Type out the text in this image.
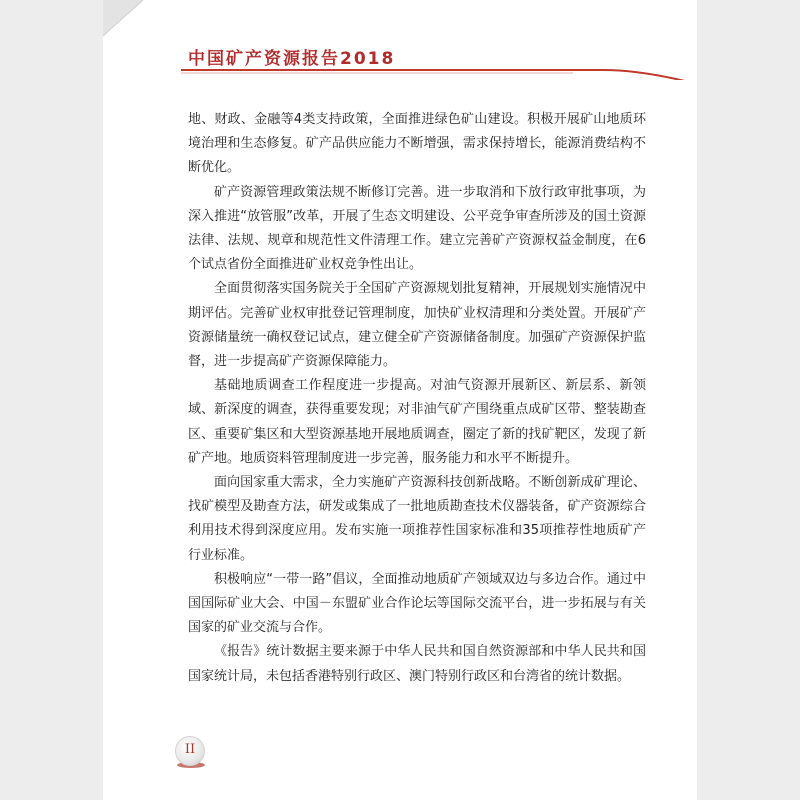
中国矿产资源报告2018

地、财政、金融等4类支持政策，全面推进绿色矿山建设。积极开展矿山地质环境治理和生态修复。矿产品供应能力不断增强，需求保持增长，能源消费结构不断优化。

矿产资源管理政策法规不断修订完善。进一步取消和下放行政审批事项，为深入推进“放管服”改革，开展了生态文明建设、公平竞争审查所涉及的国土资源法律、法规、规章和规范性文件清理工作。建立完善矿产资源权益金制度，在6个试点省份全面推进矿业权竞争性出让。

全面贯彻落实国务院关于全国矿产资源规划批复精神，开展规划实施情况中期评估。完善矿业权审批登记管理制度，加快矿业权清理和分类处置。开展矿产资源储量统一确权登记试点，建立健全矿产资源储备制度。加强矿产资源保护监督，进一步提高矿产资源保障能力。

基础地质调查工作程度进一步提高。对油气资源开展新区、新层系、新领域、新深度的调查，获得重要发现；对非油气矿产围绕重点成矿区带、整装勘查区、重要矿集区和大型资源基地开展地质调查，圈定了新的找矿靶区，发现了新矿产地。地质资料管理制度进一步完善，服务能力和水平不断提升。

面向国家重大需求，全力实施矿产资源科技创新战略。不断创新成矿理论、找矿模型及勘查方法，研发或集成了一批地质勘查技术仪器装备，矿产资源综合利用技术得到深度应用。发布实施一项推荐性国家标准和35项推荐性地质矿产行业标准。

积极响应“一带一路”倡议，全面推动地质矿产领域双边与多边合作。通过中国国际矿业大会、中国－东盟矿业合作论坛等国际交流平台，进一步拓展与有关国家的矿业交流与合作。

《报告》统计数据主要来源于中华人民共和国自然资源部和中华人民共和国国家统计局，未包括香港特别行政区、澳门特别行政区和台湾省的统计数据。

II
